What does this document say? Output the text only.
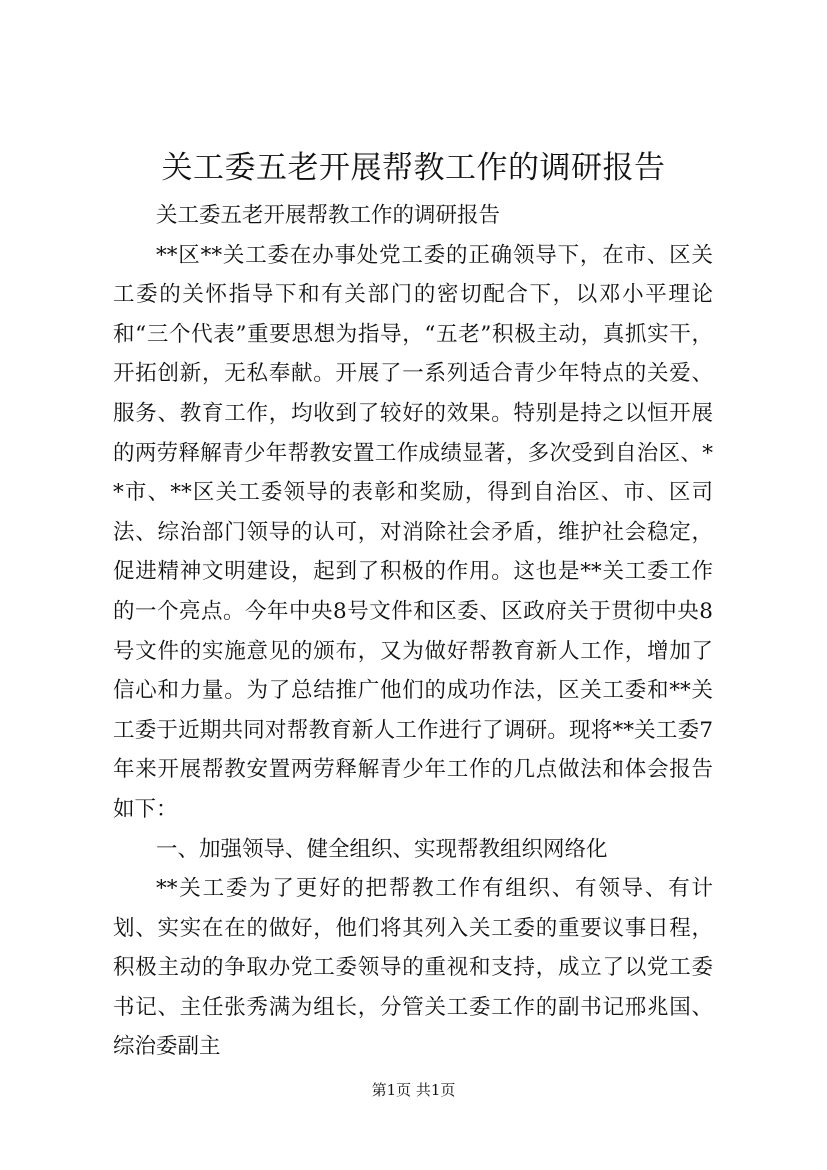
关工委五老开展帮教工作的调研报告

关工委五老开展帮教工作的调研报告

**区**关工委在办事处党工委的正确领导下，在市、区关工委的关怀指导下和有关部门的密切配合下，以邓小平理论和“三个代表”重要思想为指导，“五老”积极主动，真抓实干，开拓创新，无私奉献。开展了一系列适合青少年特点的关爱、服务、教育工作，均收到了较好的效果。特别是持之以恒开展的两劳释解青少年帮教安置工作成绩显著，多次受到自治区、**市、**区关工委领导的表彰和奖励，得到自治区、市、区司法、综治部门领导的认可，对消除社会矛盾，维护社会稳定，促进精神文明建设，起到了积极的作用。这也是**关工委工作的一个亮点。今年中央8号文件和区委、区政府关于贯彻中央8号文件的实施意见的颁布，又为做好帮教育新人工作，增加了信心和力量。为了总结推广他们的成功作法，区关工委和**关工委于近期共同对帮教育新人工作进行了调研。现将**关工委7年来开展帮教安置两劳释解青少年工作的几点做法和体会报告如下：

一、加强领导、健全组织、实现帮教组织网络化

**关工委为了更好的把帮教工作有组织、有领导、有计划、实实在在的做好，他们将其列入关工委的重要议事日程，积极主动的争取办党工委领导的重视和支持，成立了以党工委书记、主任张秀满为组长，分管关工委工作的副书记邢兆国、综治委副主

第1页 共1页
